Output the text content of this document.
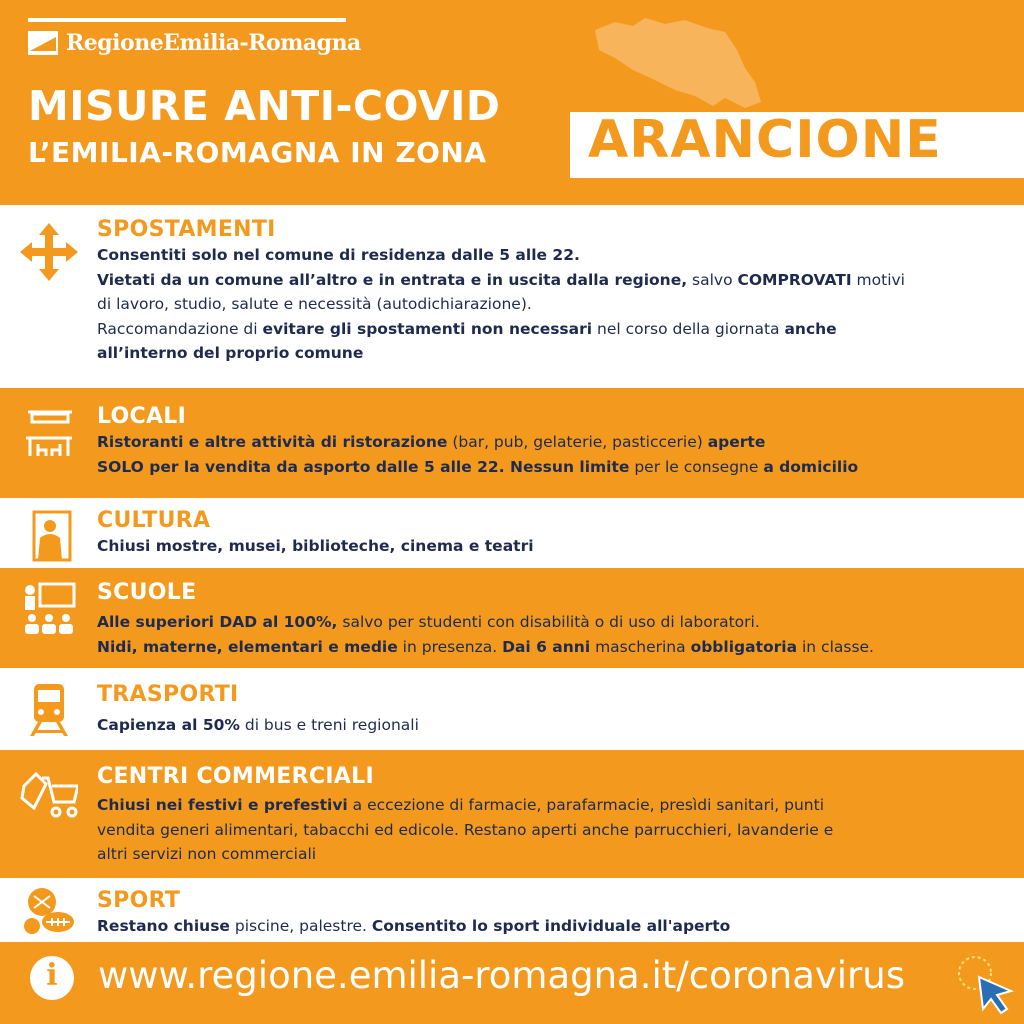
RegioneEmilia-Romagna
MISURE ANTI-COVID
L’EMILIA-ROMAGNA IN ZONA ARANCIONE
SPOSTAMENTI
Consentiti solo nel comune di residenza dalle 5 alle 22.
Vietati da un comune all’altro e in entrata e in uscita dalla regione, salvo COMPROVATI motivi
di lavoro, studio, salute e necessità (autodichiarazione).
Raccomandazione di evitare gli spostamenti non necessari nel corso della giornata anche
all’interno del proprio comune
LOCALI
Ristoranti e altre attività di ristorazione (bar, pub, gelaterie, pasticcerie) aperte
SOLO per la vendita da asporto dalle 5 alle 22. Nessun limite per le consegne a domicilio
CULTURA
Chiusi mostre, musei, biblioteche, cinema e teatri
SCUOLE
Alle superiori DAD al 100%, salvo per studenti con disabilità o di uso di laboratori.
Nidi, materne, elementari e medie in presenza. Dai 6 anni mascherina obbligatoria in classe.
TRASPORTI
Capienza al 50% di bus e treni regionali
CENTRI COMMERCIALI
Chiusi nei festivi e prefestivi a eccezione di farmacie, parafarmacie, presìdi sanitari, punti
vendita generi alimentari, tabacchi ed edicole. Restano aperti anche parrucchieri, lavanderie e
altri servizi non commerciali
SPORT
Restano chiuse piscine, palestre. Consentito lo sport individuale all'aperto
i	www.regione.emilia-romagna.it/coronavirus
